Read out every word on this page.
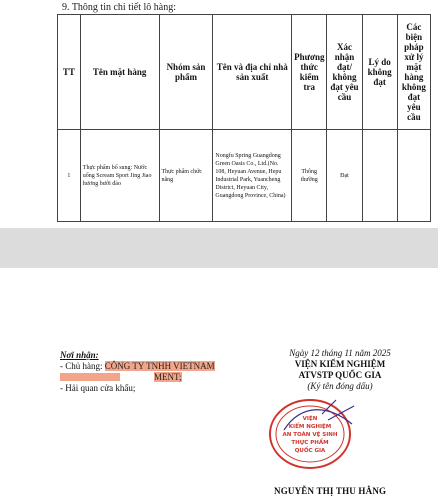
9. Thông tin chi tiết lô hàng:
TT	Tên mặt hàng	Nhóm sản phẩm	Tên và địa chỉ nhà sản xuất	Phương thức kiểm tra	Xác nhận đạt/ không đạt yêu cầu	Lý do không đạt	Các biện pháp xử lý mặt hàng không đạt yêu cầu
1	Thực phẩm bổ sung: Nước uống Scream Sport Jing Jiao hương bưởi đảo	Thực phẩm chức năng	Nongfu Spring Guangdong Green Oasis Co., Ltd.(No. 108, Heyuan Avenue, Hepu Industrial Park, Yuancheng District, Heyuan City, Guangdong Province, China)	Thông thường	Đạt		
Nơi nhận:
- Chủ hàng: CÔNG TY TNHH VIETNAM
MENT;
- Hải quan cửa khẩu;
Ngày 12 tháng 11 năm 2025
VIỆN KIỂM NGHIỆM
ATVSTP QUỐC GIA
(Ký tên đóng dấu)
VIỆN
KIỂM NGHIỆM
AN TOÀN VỆ SINH
THỰC PHẨM
QUỐC GIA
NGUYỄN THỊ THU HẰNG
